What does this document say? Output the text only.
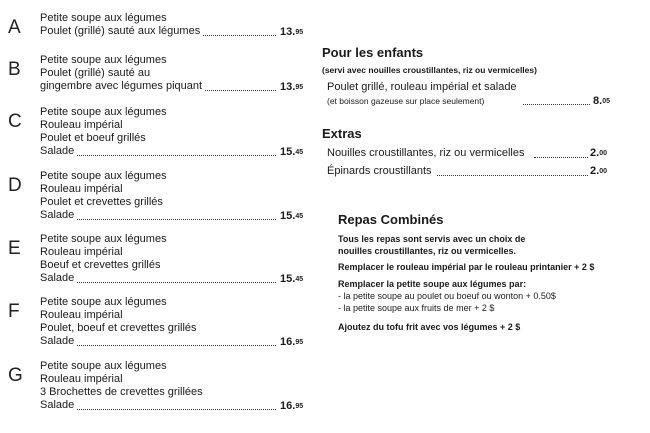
A Petite soupe aux légumes
Poulet (grillé) sauté aux légumes	13.95
B Petite soupe aux légumes
Poulet (grillé) sauté au
gingembre avec légumes piquant	13.95
C Petite soupe aux légumes
Rouleau impérial
Poulet et boeuf grillés
Salade	15.45
D Petite soupe aux légumes
Rouleau impérial
Poulet et crevettes grillés
Salade	15.45
E Petite soupe aux légumes
Rouleau impérial
Boeuf et crevettes grillés
Salade	15.45
F Petite soupe aux légumes
Rouleau impérial
Poulet, boeuf et crevettes grillés
Salade	16.95
G Petite soupe aux légumes
Rouleau impérial
3 Brochettes de crevettes grillées
Salade	16.95
Pour les enfants
(servi avec nouilles croustillantes, riz ou vermicelles)
Poulet grillé, rouleau impérial et salade
(et boisson gazeuse sur place seulement)	8.05
Extras
Nouilles croustillantes, riz ou vermicelles	2.00
Épinards croustillants	2.00
Repas Combinés
Tous les repas sont servis avec un choix de
nouilles croustillantes, riz ou vermicelles.
Remplacer le rouleau impérial par le rouleau printanier + 2 $
Remplacer la petite soupe aux légumes par:
- la petite soupe au poulet ou boeuf ou wonton + 0.50$
- la petite soupe aux fruits de mer + 2 $
Ajoutez du tofu frit avec vos légumes + 2 $
